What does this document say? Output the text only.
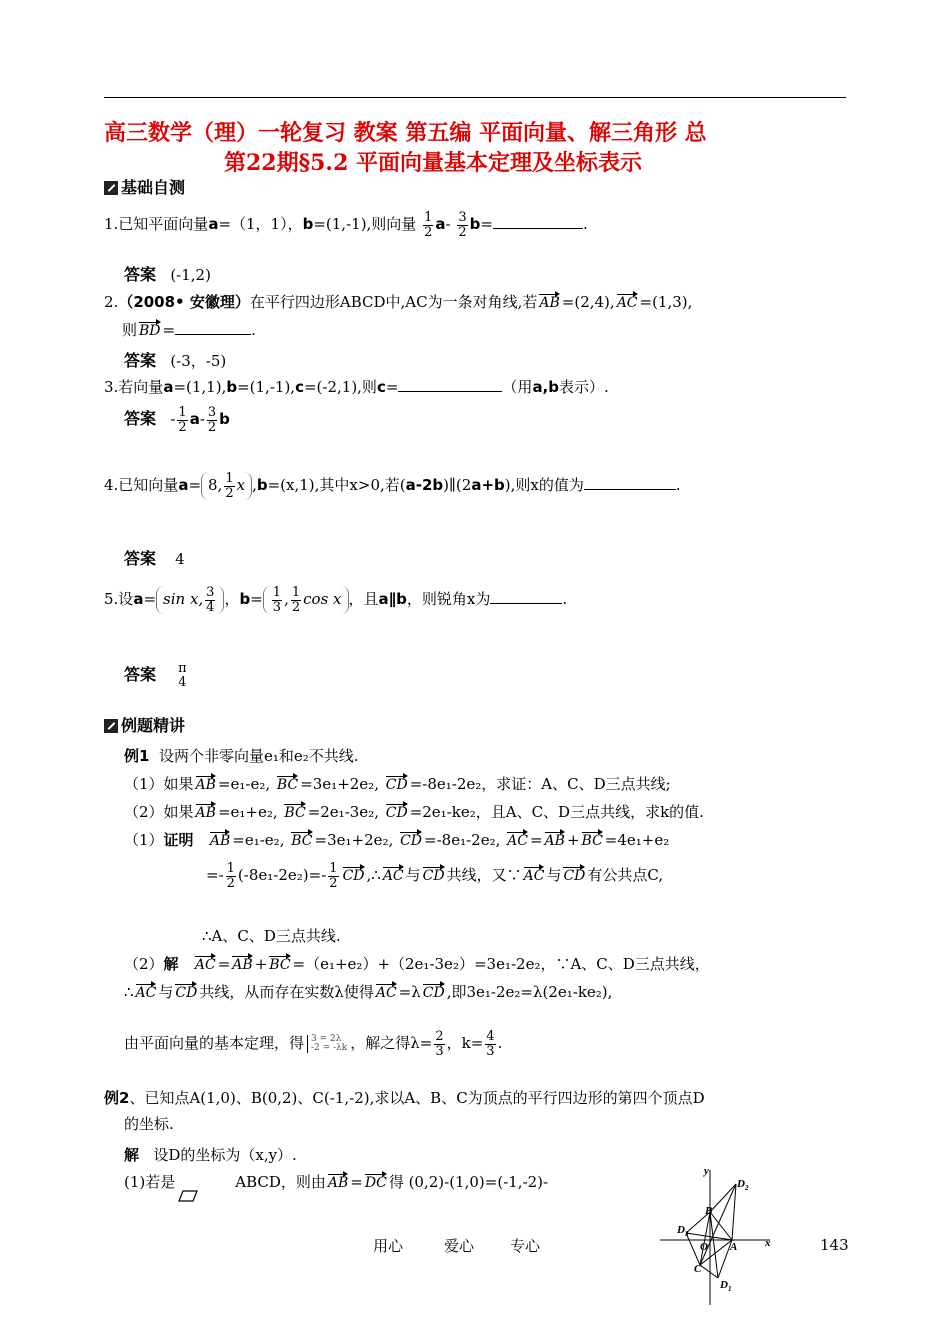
高三数学（理）一轮复习 教案 第五编 平面向量、解三角形 总
第22期§5.2 平面向量基本定理及坐标表示
基础自测
1.已知平面向量a=（1，1），b=(1,-1),则向量 $\frac{1}{2} a- \frac{3}{2} b=$	.
答案 (-1,2)
2.（2008• 安徽理）在平行四边形ABCD中,AC为一条对角线,若 AB =(2,4), AC =(1,3),
则 BD =	.
答案 (-3，-5)
3.若向量a=(1,1),b=(1,-1),c=(-2,1),则c=	（用a,b表示）.
答案 - $\frac{1}{2} a- \frac{3}{2}$ b
4.已知向量a= 8, $\frac{1}{2}$ x ,b=(x,1),其中x>0,若(a-2b)∥(2a+b),则x的值为	.
答案 4
5.设a= sin x, $\frac{3}{4}$ ，$b= \frac{1}{3}$ , $\frac{1}{2}$ cos x ，且a∥b，则锐角x为	.
答案 π
4
例题精讲
例1 设两个非零向量e₁和e₂不共线.
（1）如果 AB =e₁-e₂, BC =3e₁+2e₂, CD =-8e₁-2e₂，求证：A、C、D三点共线;
（2）如果 AB =e₁+e₂, BC =2e₁-3e₂, CD =2e₁-ke₂，且A、C、D三点共线，求k的值.
（1）证明 AB =e₁-e₂, BC =3e₁+2e₂, CD =-8e₁-2e₂, AC = AB + BC =4e₁+e₂
=- $\frac{1}{2} (-8e_1-2e_2)=- \frac{1}{2}$ CD ,∴ AC 与 CD 共线，又∵ AC 与 CD 有公共点C,
∴A、C、D三点共线.
（2）解 AC = AB + BC =（e₁+e₂）+（2e₁-3e₂）=3e₁-2e₂，∵A、C、D三点共线，
∴ AC 与 CD 共线，从而存在实数λ使得 AC =λ CD ,即3e₁-2e₂=λ(2e₁-ke₂),
由平面向量的基本定理，得 3 = 2λ
-2 = -λk ，解之得$\lambda= \frac{2}{3}$ ，$k= \frac{4}{3}$ .
例2、已知点A(1,0)、B(0,2)、C(-1,-2),求以A、B、C为顶点的平行四边形的第四个顶点D
的坐标.
解 设D的坐标为（x,y）.
(1)若是	ABCD，则由 AB = DC 得 (0,2)-(1,0)=(-1,-2)-
y
x
B
A
O
C
$D_1$
$D_2$
$D_3$
用心	爱心 专心	143
